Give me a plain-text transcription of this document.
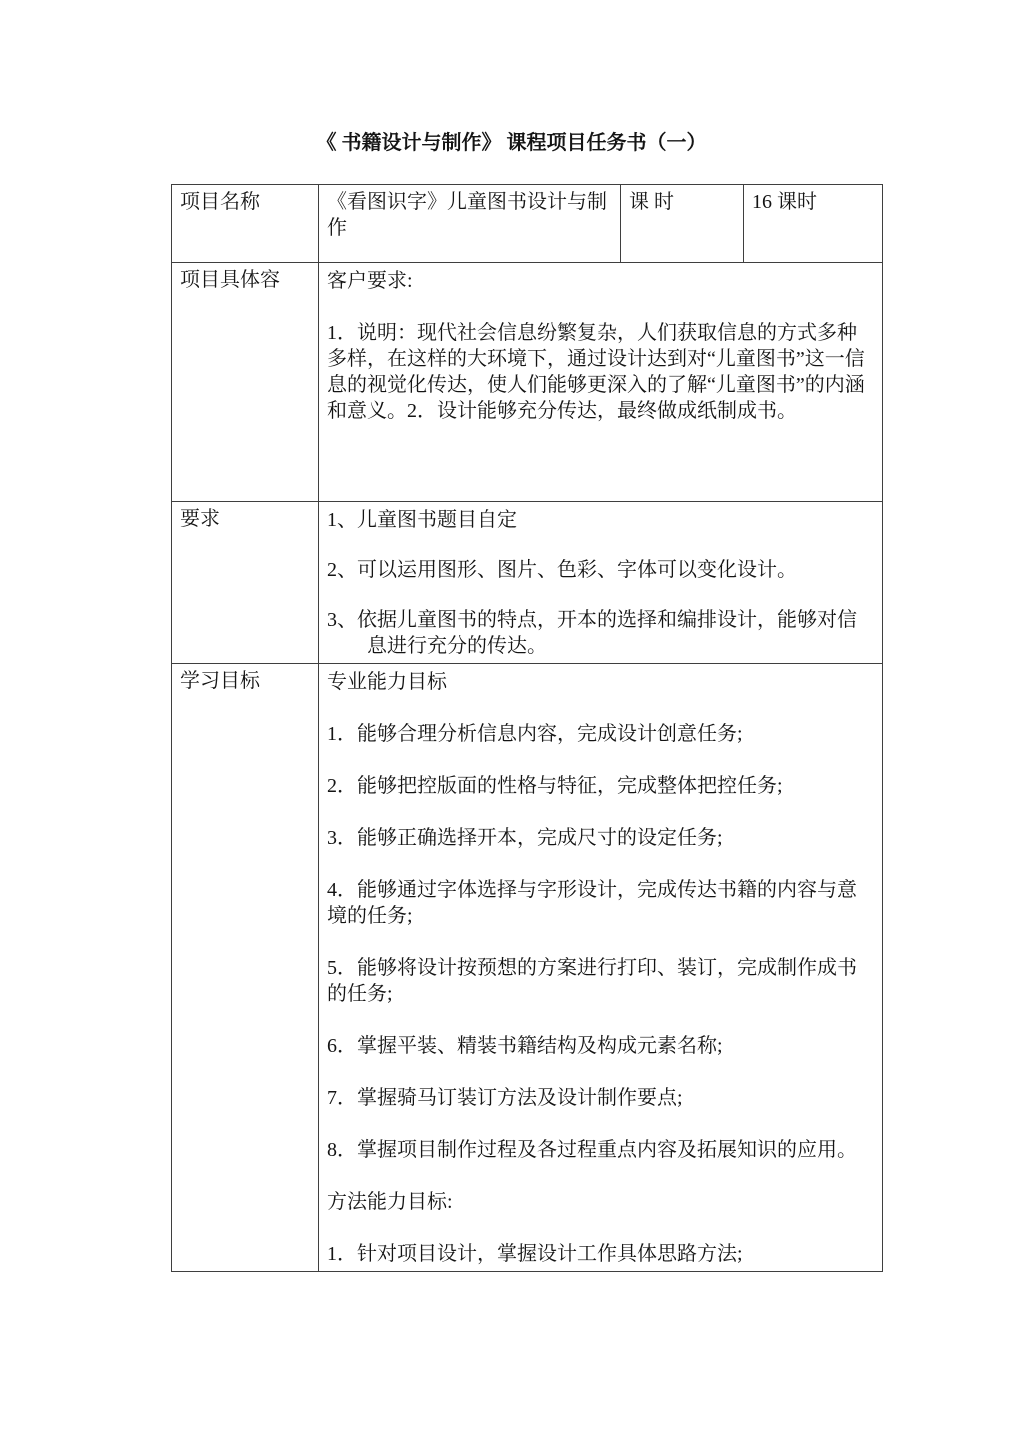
《 书籍设计与制作》 课程项目任务书（一）
项目名称	《看图识字》儿童图书设计与制作	课 时	16 课时
项目具体容	客户要求:

1．说明：现代社会信息纷繁复杂，人们获取信息的方式多种多样，在这样的大环境下，通过设计达到对“儿童图书”这一信息的视觉化传达，使人们能够更深入的了解“儿童图书”的内涵和意义。2．设计能够充分传达，最终做成纸制成书。		

要求	1、儿童图书题目自定

2、可以运用图形、图片、色彩、字体可以变化设计。

3、依据儿童图书的特点，开本的选择和编排设计，能够对信息进行充分的传达。		

学习目标	专业能力目标

1．能够合理分析信息内容，完成设计创意任务;

2．能够把控版面的性格与特征，完成整体把控任务;

3．能够正确选择开本，完成尺寸的设定任务;

4．能够通过字体选择与字形设计，完成传达书籍的内容与意境的任务;

5．能够将设计按预想的方案进行打印、装订，完成制作成书的任务;

6．掌握平装、精装书籍结构及构成元素名称;

7．掌握骑马订装订方法及设计制作要点;

8．掌握项目制作过程及各过程重点内容及拓展知识的应用。

方法能力目标:

1．针对项目设计，掌握设计工作具体思路方法;
